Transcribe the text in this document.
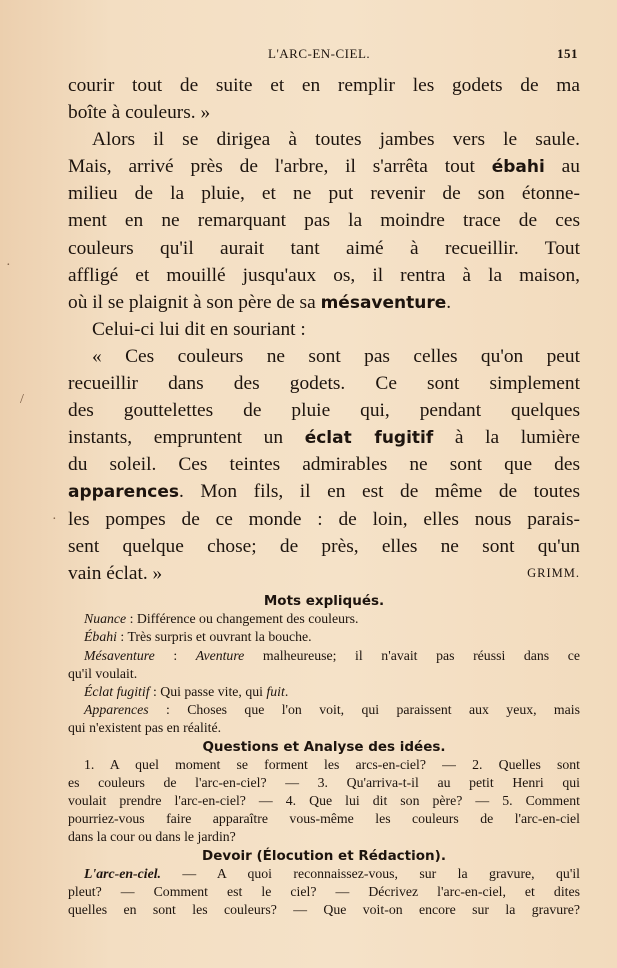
L'ARC-EN-CIEL.	151
courir tout de suite et en remplir les godets de ma
boîte à couleurs. »
Alors il se dirigea à toutes jambes vers le saule.
Mais, arrivé près de l'arbre, il s'arrêta tout ébahi au
milieu de la pluie, et ne put revenir de son étonne-
ment en ne remarquant pas la moindre trace de ces
couleurs qu'il aurait tant aimé à recueillir. Tout
affligé et mouillé jusqu'aux os, il rentra à la maison,
où il se plaignit à son père de sa mésaventure.
Celui-ci lui dit en souriant :
« Ces couleurs ne sont pas celles qu'on peut
recueillir dans des godets. Ce sont simplement
des gouttelettes de pluie qui, pendant quelques
instants, empruntent un éclat fugitif à la lumière
du soleil. Ces teintes admirables ne sont que des
apparences. Mon fils, il en est de même de toutes
les pompes de ce monde : de loin, elles nous parais-
sent quelque chose; de près, elles ne sont qu'un
vain éclat. »	GRIMM.
Mots expliqués.
Nuance : Différence ou changement des couleurs.
Ébahi : Très surpris et ouvrant la bouche.
Mésaventure : Aventure malheureuse; il n'avait pas réussi dans ce
qu'il voulait.
Éclat fugitif : Qui passe vite, qui fuit.
Apparences : Choses que l'on voit, qui paraissent aux yeux, mais
qui n'existent pas en réalité.
Questions et Analyse des idées.
1. A quel moment se forment les arcs-en-ciel? — 2. Quelles sont
es couleurs de l'arc-en-ciel? — 3. Qu'arriva-t-il au petit Henri qui
voulait prendre l'arc-en-ciel? — 4. Que lui dit son père? — 5. Comment
pourriez-vous faire apparaître vous-même les couleurs de l'arc-en-ciel
dans la cour ou dans le jardin?
Devoir (Élocution et Rédaction).
L'arc-en-ciel. — A quoi reconnaissez-vous, sur la gravure, qu'il
pleut? — Comment est le ciel? — Décrivez l'arc-en-ciel, et dites
quelles en sont les couleurs? — Que voit-on encore sur la gravure?
/
·
·
